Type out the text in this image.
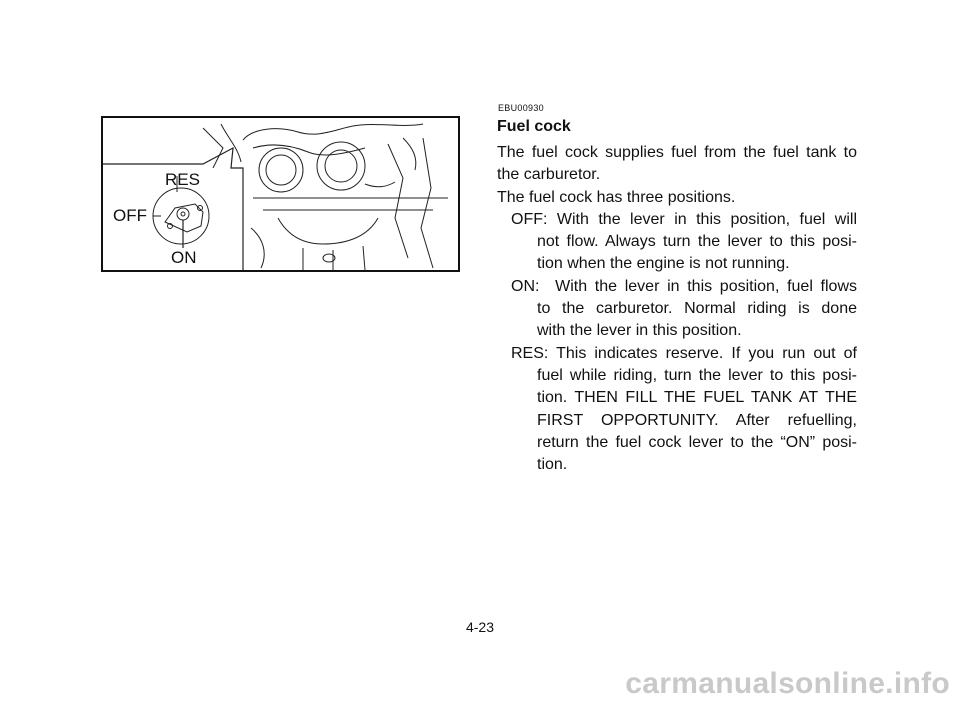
RES
OFF
ON
EBU00930
Fuel cock

The fuel cock supplies fuel from the fuel tank to the carburetor.

The fuel cock has three positions.

OFF: With the lever in this position, fuel will
not flow. Always turn the lever to this posi-
tion when the engine is not running.
ON:  With the lever in this position, fuel flows
to the carburetor. Normal riding is done
with the lever in this position.
RES: This indicates reserve. If you run out of
fuel while riding, turn the lever to this posi-
tion. THEN FILL THE FUEL TANK AT THE
FIRST OPPORTUNITY. After refuelling,
return the fuel cock lever to the “ON” posi-
tion.
4-23
carmanualsonline.info
